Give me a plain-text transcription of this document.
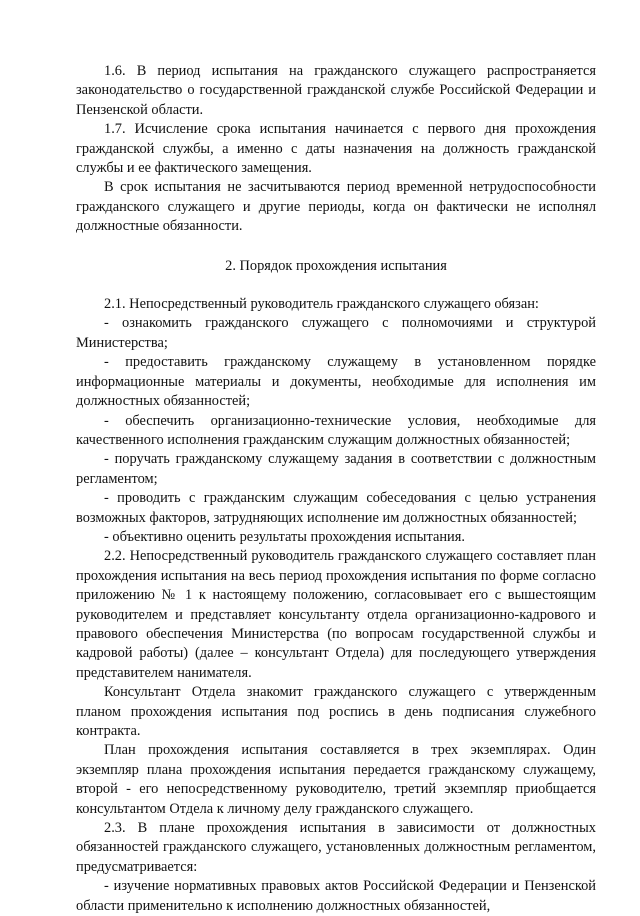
1.6. В период испытания на гражданского служащего распространяется законодательство о государственной гражданской службе Российской Федерации и Пензенской области.

1.7. Исчисление срока испытания начинается с первого дня прохождения гражданской службы, а именно с даты назначения на должность гражданской службы и ее фактического замещения.

В срок испытания не засчитываются период временной нетрудоспособности гражданского служащего и другие периоды, когда он фактически не исполнял должностные обязанности.

2. Порядок прохождения испытания

2.1. Непосредственный руководитель гражданского служащего обязан:

- ознакомить гражданского служащего с полномочиями и структурой Министерства;

- предоставить гражданскому служащему в установленном порядке информационные материалы и документы, необходимые для исполнения им должностных обязанностей;

- обеспечить организационно-технические условия, необходимые для качественного исполнения гражданским служащим должностных обязанностей;

- поручать гражданскому служащему задания в соответствии с должностным регламентом;

- проводить с гражданским служащим собеседования с целью устранения возможных факторов, затрудняющих исполнение им должностных обязанностей;

- объективно оценить результаты прохождения испытания.

2.2. Непосредственный руководитель гражданского служащего составляет план прохождения испытания на весь период прохождения испытания по форме согласно приложению № 1 к настоящему положению, согласовывает его с вышестоящим руководителем и представляет консультанту отдела организационно-кадрового и правового обеспечения Министерства (по вопросам государственной службы и кадровой работы) (далее – консультант Отдела) для последующего утверждения представителем нанимателя.

Консультант Отдела знакомит гражданского служащего с утвержденным планом прохождения испытания под роспись в день подписания служебного контракта.

План прохождения испытания составляется в трех экземплярах. Один экземпляр плана прохождения испытания передается гражданскому служащему, второй - его непосредственному руководителю, третий экземпляр приобщается консультантом Отдела к личному делу гражданского служащего.

2.3. В плане прохождения испытания в зависимости от должностных обязанностей гражданского служащего, установленных должностным регламентом, предусматривается:

- изучение нормативных правовых актов Российской Федерации и Пензенской области применительно к исполнению должностных обязанностей,
